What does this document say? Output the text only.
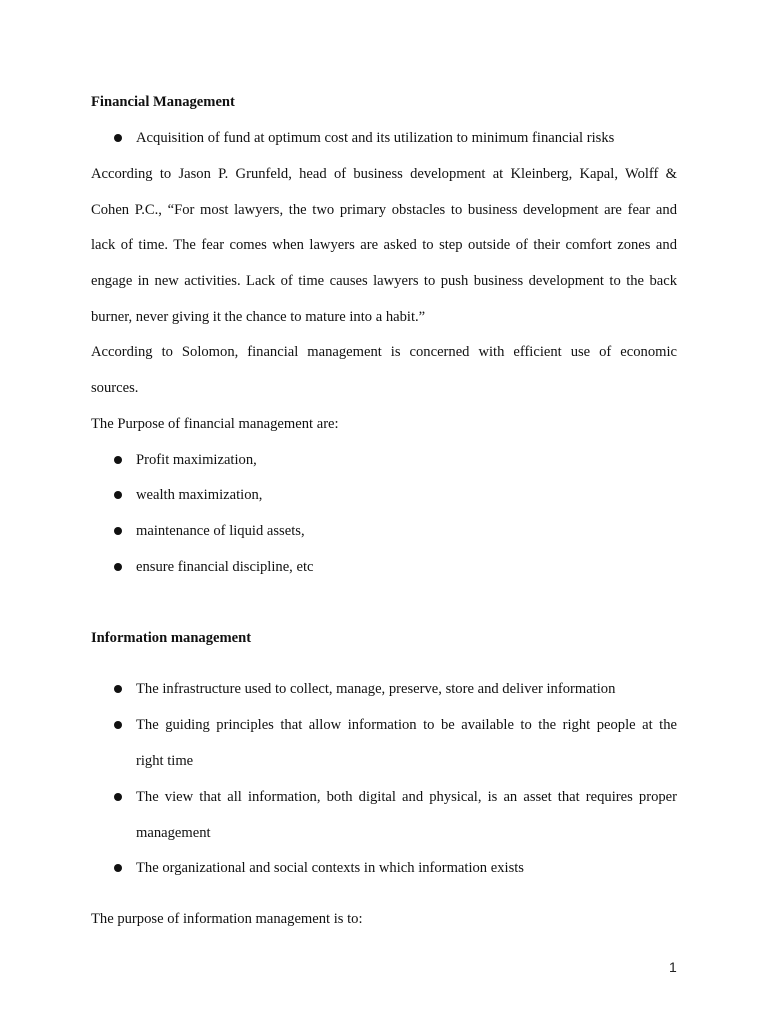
Financial Management
Acquisition of fund at optimum cost and its utilization to minimum financial risks
According to Jason P. Grunfeld, head of business development at Kleinberg, Kapal, Wolff &
Cohen P.C., “For most lawyers, the two primary obstacles to business development are fear and
lack of time. The fear comes when lawyers are asked to step outside of their comfort zones and
engage in new activities. Lack of time causes lawyers to push business development to the back
burner, never giving it the chance to mature into a habit.”
According to Solomon, financial management is concerned with efficient use of economic
sources.
The Purpose of financial management are:
Profit maximization,
wealth maximization,
maintenance of liquid assets,
ensure financial discipline, etc
Information management
The infrastructure used to collect, manage, preserve, store and deliver information
The guiding principles that allow information to be available to the right people at the
right time
The view that all information, both digital and physical, is an asset that requires proper
management
The organizational and social contexts in which information exists
The purpose of information management is to:
1
